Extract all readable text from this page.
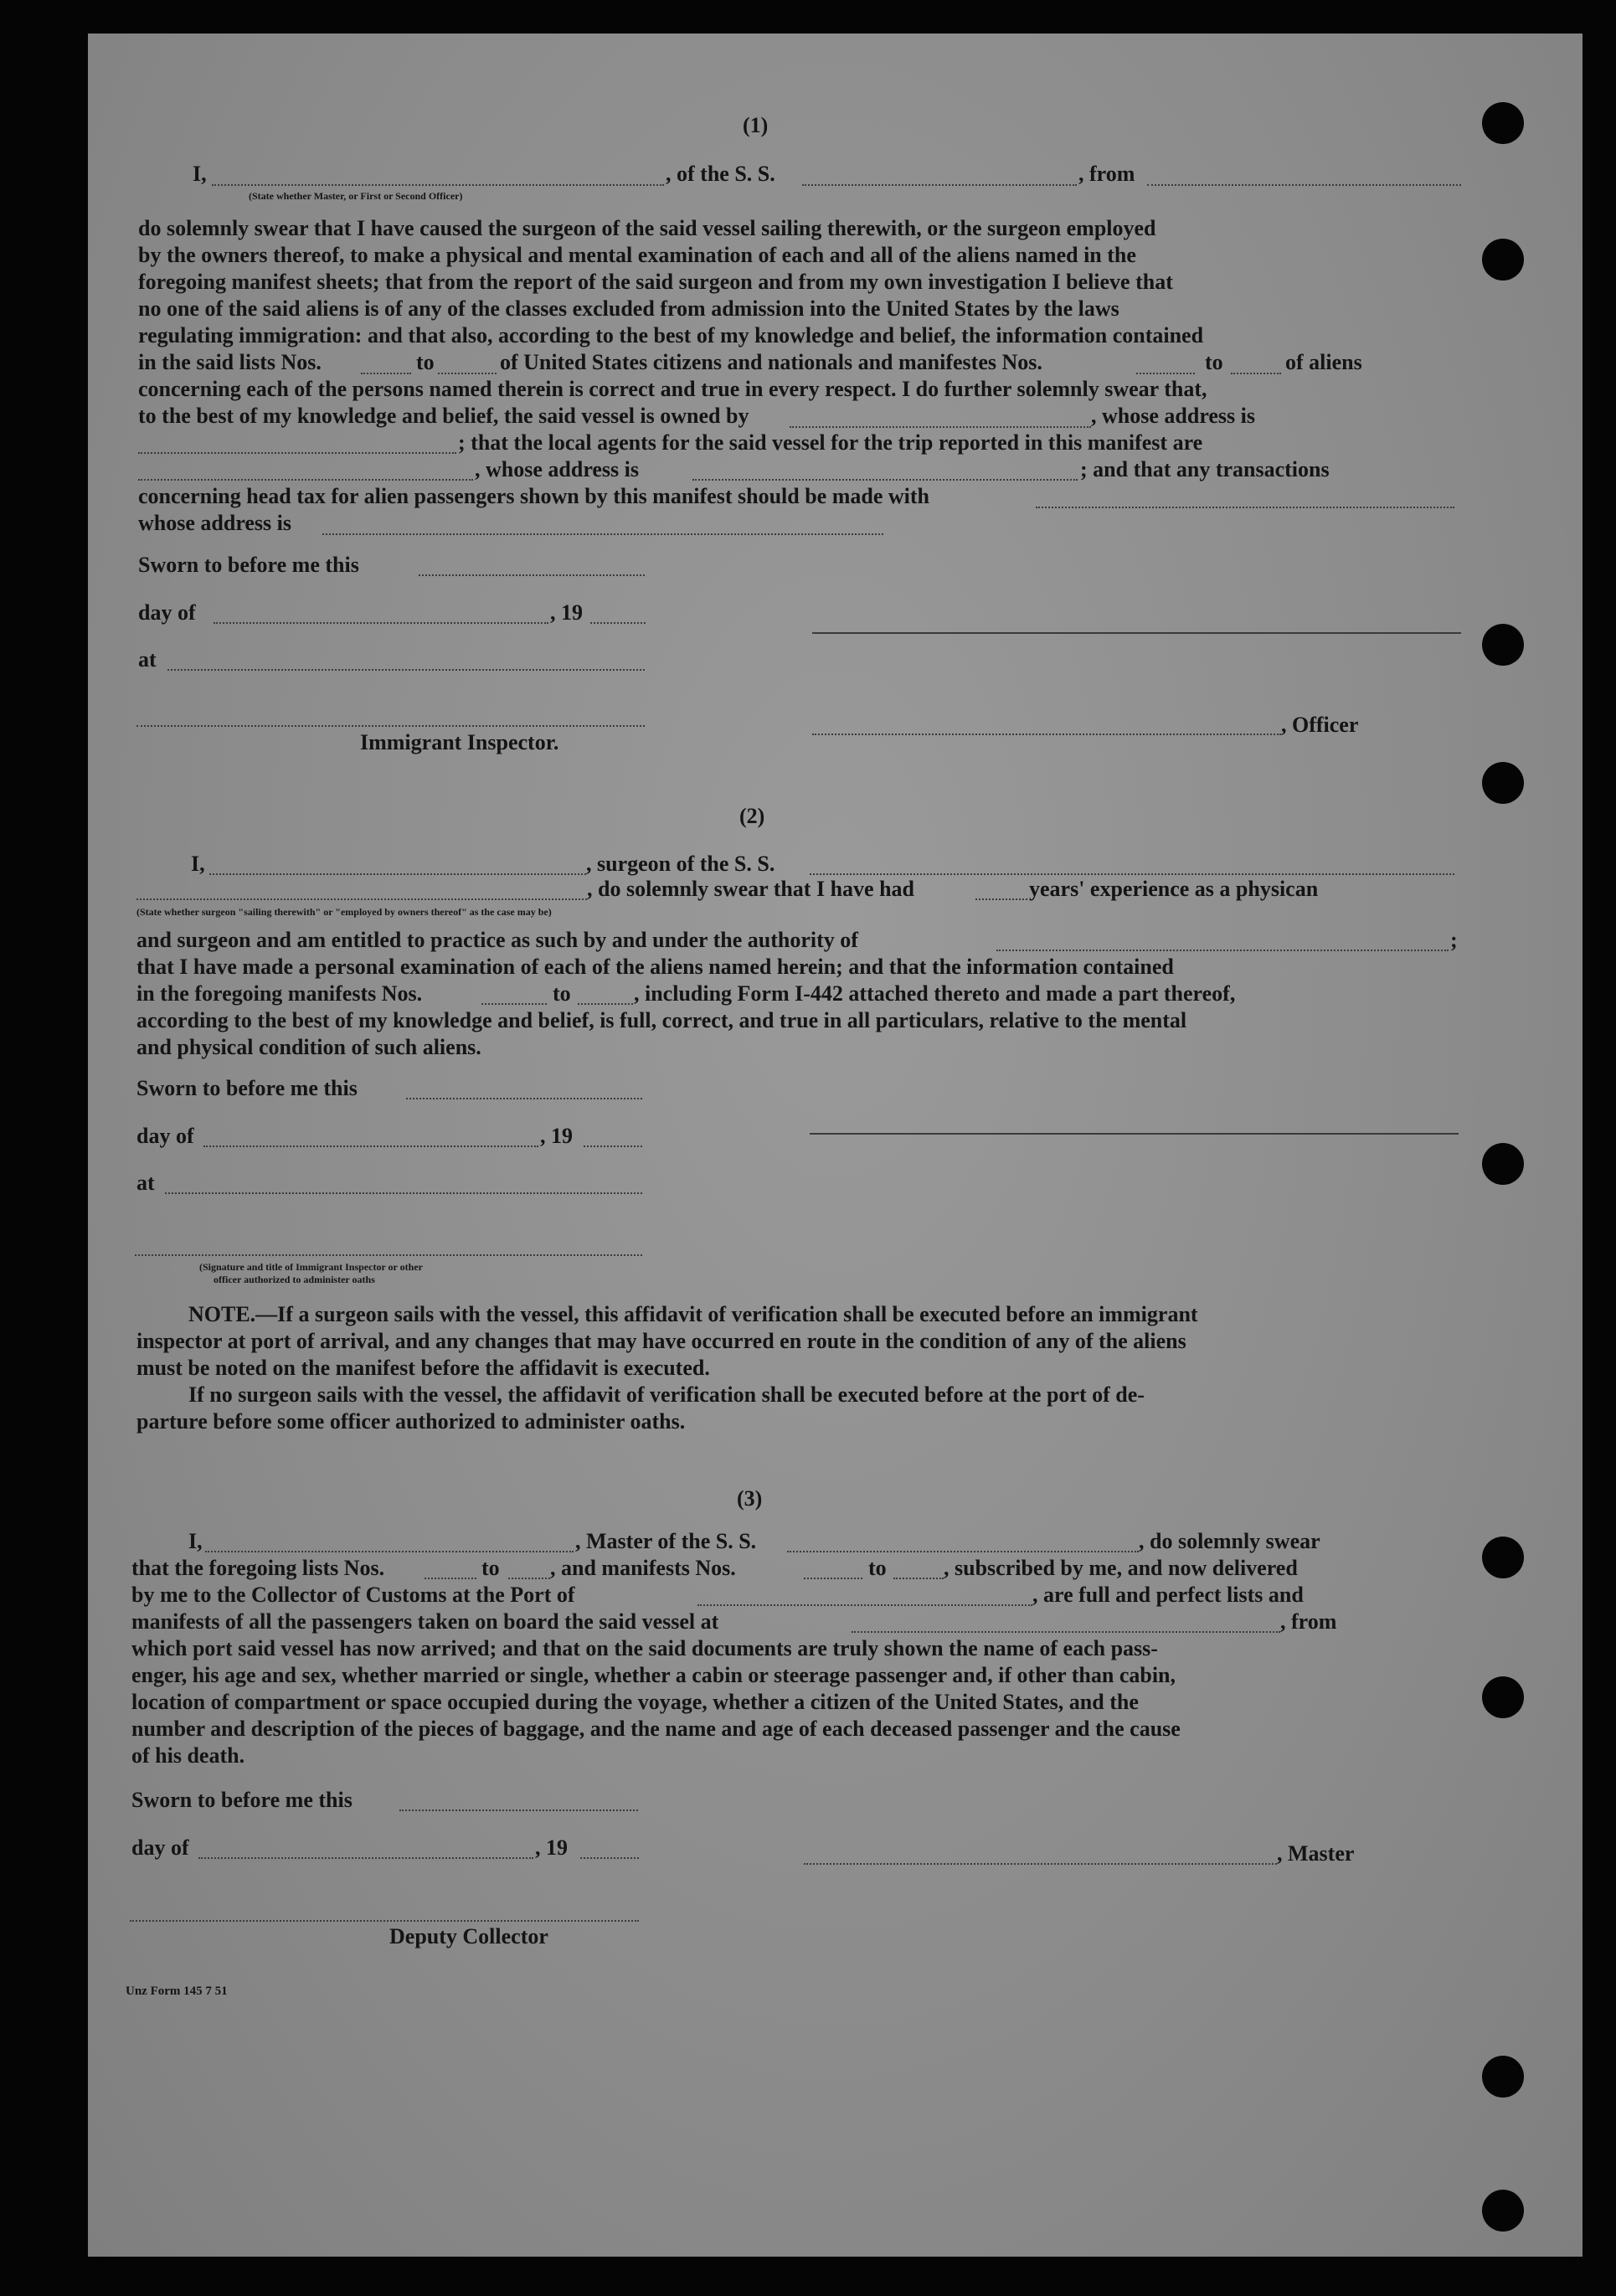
(1)
I,	, of the S. S.	, from
(State whether Master, or First or Second Officer)
do solemnly swear that I have caused the surgeon of the said vessel sailing therewith, or the surgeon employed
by the owners thereof, to make a physical and mental examination of each and all of the aliens named in the
foregoing manifest sheets; that from the report of the said surgeon and from my own investigation I believe that
no one of the said aliens is of any of the classes excluded from admission into the United States by the laws
regulating immigration: and that also, according to the best of my knowledge and belief, the information contained
in the said lists Nos.	to	of United States citizens and nationals and manifestes Nos.	to	of aliens
concerning each of the persons named therein is correct and true in every respect. I do further solemnly swear that,
to the best of my knowledge and belief, the said vessel is owned by	, whose address is
; that the local agents for the said vessel for the trip reported in this manifest are
, whose address is	; and that any transactions
concerning head tax for alien passengers shown by this manifest should be made with
whose address is
Sworn to before me this
day of	, 19
at
, Officer
Immigrant Inspector.
(2)
I,	, surgeon of the S. S.
, do solemnly swear that I have had	years' experience as a physican
(State whether surgeon "sailing therewith" or "employed by owners thereof" as the case may be)
and surgeon and am entitled to practice as such by and under the authority of	;
that I have made a personal examination of each of the aliens named herein; and that the information contained
in the foregoing manifests Nos.	to	, including Form I-442 attached thereto and made a part thereof,
according to the best of my knowledge and belief, is full, correct, and true in all particulars, relative to the mental
and physical condition of such aliens.
Sworn to before me this
day of	, 19
at
(Signature and title of Immigrant Inspector or other
officer authorized to administer oaths
NOTE.—If a surgeon sails with the vessel, this affidavit of verification shall be executed before an immigrant
inspector at port of arrival, and any changes that may have occurred en route in the condition of any of the aliens
must be noted on the manifest before the affidavit is executed.
If no surgeon sails with the vessel, the affidavit of verification shall be executed before at the port of de-
parture before some officer authorized to administer oaths.
(3)
I,	, Master of the S. S.	, do solemnly swear
that the foregoing lists Nos.	to , and manifests Nos.	to	, subscribed by me, and now delivered
by me to the Collector of Customs at the Port of	, are full and perfect lists and
manifests of all the passengers taken on board the said vessel at	, from
which port said vessel has now arrived; and that on the said documents are truly shown the name of each pass-
enger, his age and sex, whether married or single, whether a cabin or steerage passenger and, if other than cabin,
location of compartment or space occupied during the voyage, whether a citizen of the United States, and the
number and description of the pieces of baggage, and the name and age of each deceased passenger and the cause
of his death.
Sworn to before me this
day of	, 19	, Master
Deputy Collector
Unz Form 145 7 51
